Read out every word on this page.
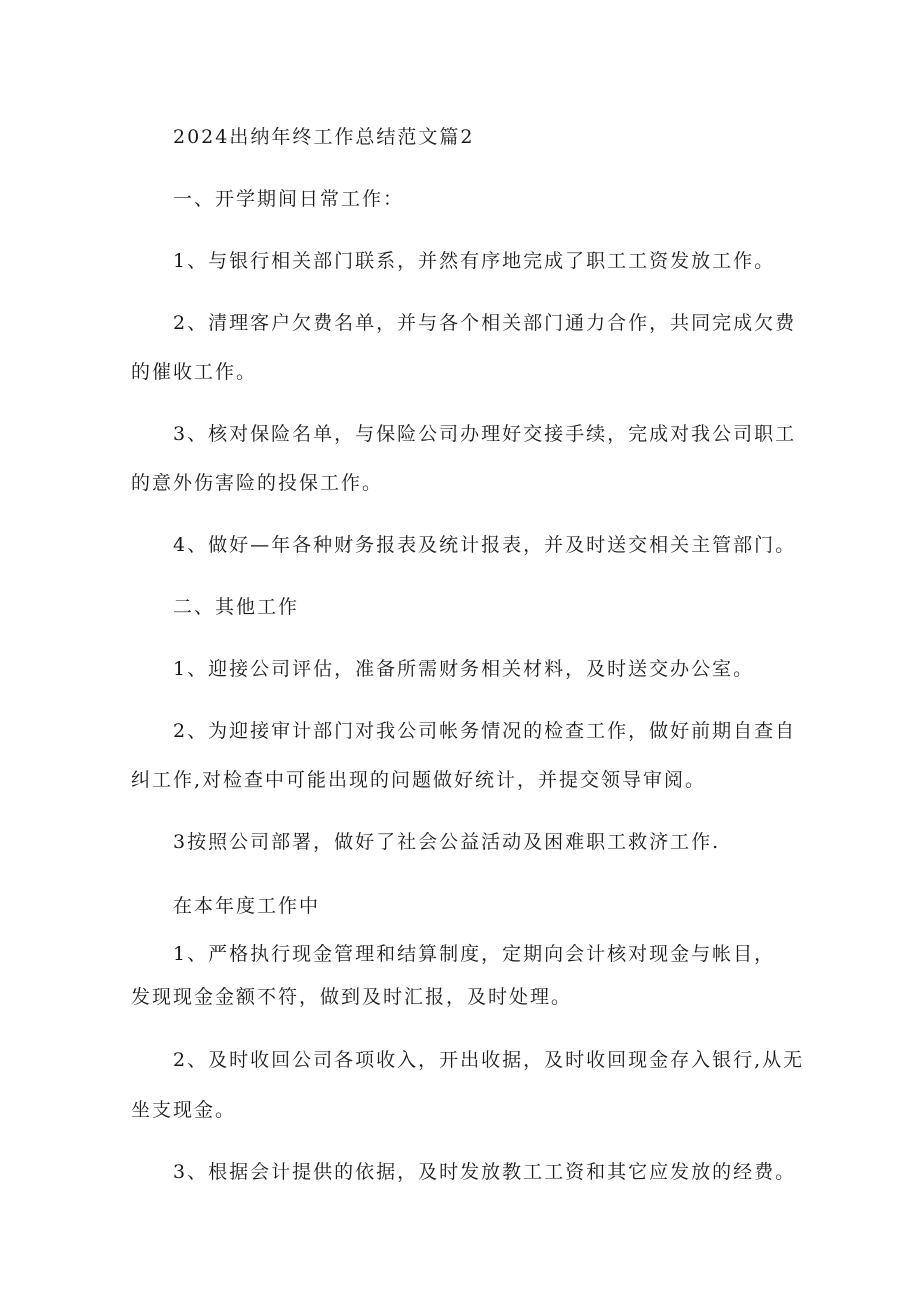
2024出纳年终工作总结范文篇2
一、开学期间日常工作：
1、与银行相关部门联系，并然有序地完成了职工工资发放工作。
2、清理客户欠费名单，并与各个相关部门通力合作，共同完成欠费
的催收工作。
3、核对保险名单，与保险公司办理好交接手续，完成对我公司职工
的意外伤害险的投保工作。
4、做好—年各种财务报表及统计报表，并及时送交相关主管部门。
二、其他工作
1、迎接公司评估，准备所需财务相关材料，及时送交办公室。
2、为迎接审计部门对我公司帐务情况的检查工作，做好前期自查自
纠工作,对检查中可能出现的问题做好统计，并提交领导审阅。
3按照公司部署，做好了社会公益活动及困难职工救济工作.
在本年度工作中
1、严格执行现金管理和结算制度，定期向会计核对现金与帐目，
发现现金金额不符，做到及时汇报，及时处理。
2、及时收回公司各项收入，开出收据，及时收回现金存入银行,从无
坐支现金。
3、根据会计提供的依据，及时发放教工工资和其它应发放的经费。
